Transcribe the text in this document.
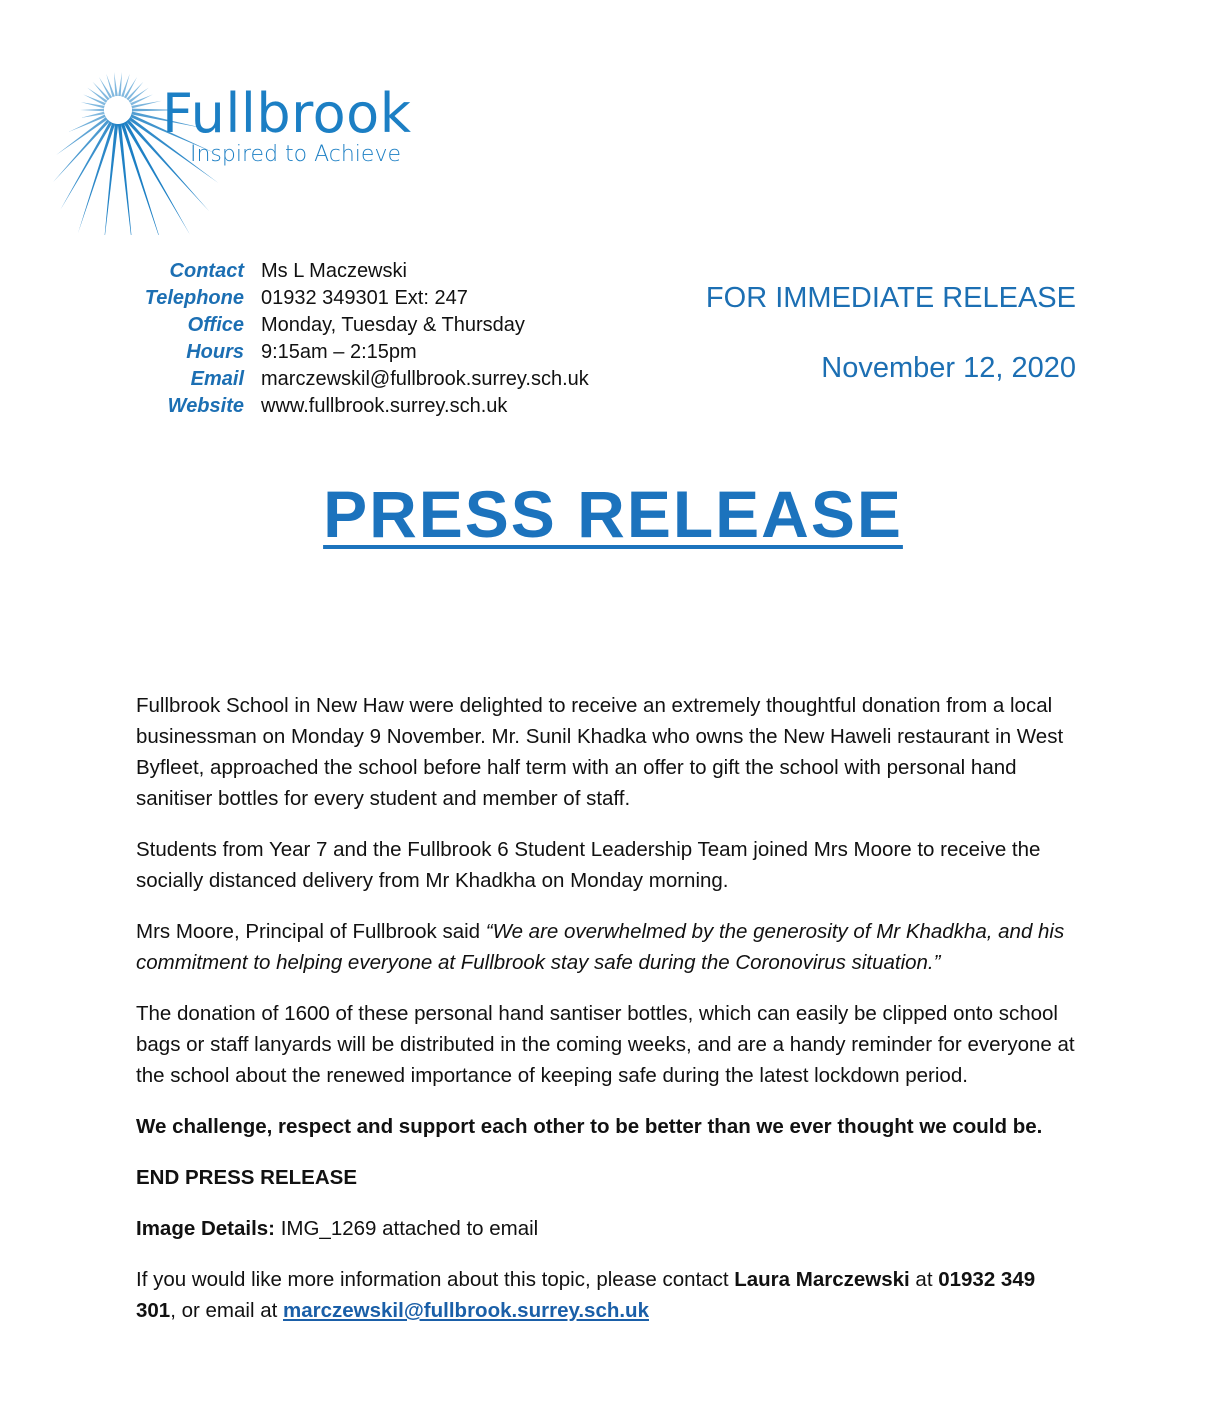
Fullbrook
Inspired to Achieve
Contact Ms L Maczewski
Telephone 01932 349301 Ext: 247
Office Monday, Tuesday & Thursday
Hours 9:15am – 2:15pm
Email marczewskil@fullbrook.surrey.sch.uk
Website www.fullbrook.surrey.sch.uk
FOR IMMEDIATE RELEASE
November 12, 2020
PRESS RELEASE

Fullbrook School in New Haw were delighted to receive an extremely thoughtful donation from a local businessman on Monday 9 November. Mr. Sunil Khadka who owns the New Haweli restaurant in West Byfleet, approached the school before half term with an offer to gift the school with personal hand sanitiser bottles for every student and member of staff.

Students from Year 7 and the Fullbrook 6 Student Leadership Team joined Mrs Moore to receive the socially distanced delivery from Mr Khadkha on Monday morning.

Mrs Moore, Principal of Fullbrook said “We are overwhelmed by the generosity of Mr Khadkha, and his commitment to helping everyone at Fullbrook stay safe during the Coronovirus situation.”

The donation of 1600 of these personal hand santiser bottles, which can easily be clipped onto school bags or staff lanyards will be distributed in the coming weeks, and are a handy reminder for everyone at the school about the renewed importance of keeping safe during the latest lockdown period.

We challenge, respect and support each other to be better than we ever thought we could be.

END PRESS RELEASE

Image Details: IMG_1269 attached to email

If you would like more information about this topic, please contact Laura Marczewski at 01932 349 301, or email at marczewskil@fullbrook.surrey.sch.uk
